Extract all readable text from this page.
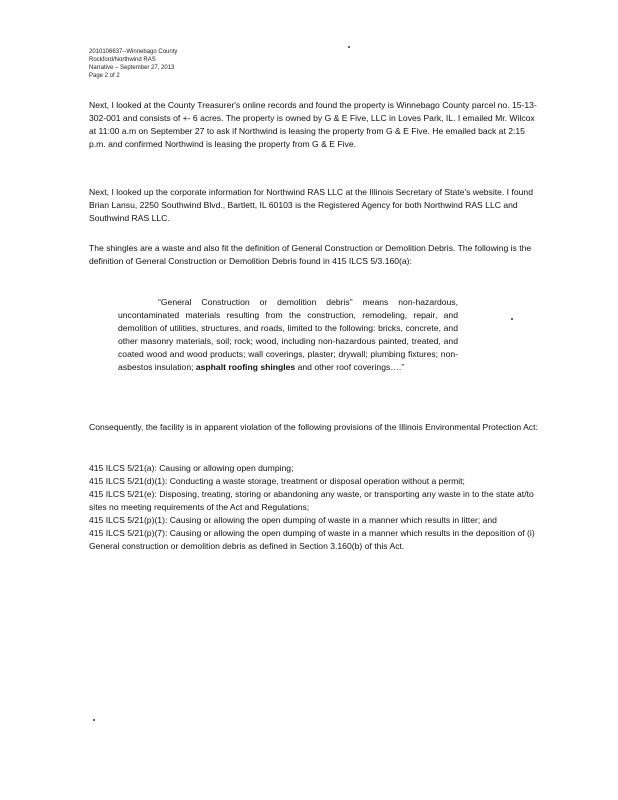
2010106637--Winnebago County
Rockford/Northwind RAS
Narrative – September 27, 2013
Page 2 of 2

Next, I looked at the County Treasurer's online records and found the property is Winnebago County parcel no. 15-13-302-001 and consists of +- 6 acres. The property is owned by G & E Five, LLC in Loves Park, IL. I emailed Mr. Wilcox at 11:00 a.m on September 27 to ask if Northwind is leasing the property from G & E Five. He emailed back at 2:15 p.m. and confirmed Northwind is leasing the property from G & E Five.

Next, I looked up the corporate information for Northwind RAS LLC at the Illinois Secretary of State's website. I found Brian Lansu, 2250 Southwind Blvd., Bartlett, IL 60103 is the Registered Agency for both Northwind RAS LLC and Southwind RAS LLC.

The shingles are a waste and also fit the definition of General Construction or Demolition Debris. The following is the definition of General Construction or Demolition Debris found in 415 ILCS 5/3.160(a):

“General Construction or demolition debris” means non-hazardous, uncontaminated materials resulting from the construction, remodeling, repair, and demolition of utilities, structures, and roads, limited to the following: bricks, concrete, and other masonry materials, soil; rock; wood, including non-hazardous painted, treated, and coated wood and wood products; wall coverings, plaster; drywall; plumbing fixtures; non-asbestos insulation; asphalt roofing shingles and other roof coverings….”

Consequently, the facility is in apparent violation of the following provisions of the Illinois Environmental Protection Act:

415 ILCS 5/21(a): Causing or allowing open dumping;

415 ILCS 5/21(d)(1): Conducting a waste storage, treatment or disposal operation without a permit;

415 ILCS 5/21(e): Disposing, treating, storing or abandoning any waste, or transporting any waste in to the state at/to sites no meeting requirements of the Act and Regulations;

415 ILCS 5/21(p)(1): Causing or allowing the open dumping of waste in a manner which results in litter; and

415 ILCS 5/21(p)(7): Causing or allowing the open dumping of waste in a manner which results in the deposition of (i) General construction or demolition debris as defined in Section 3.160(b) of this Act.
